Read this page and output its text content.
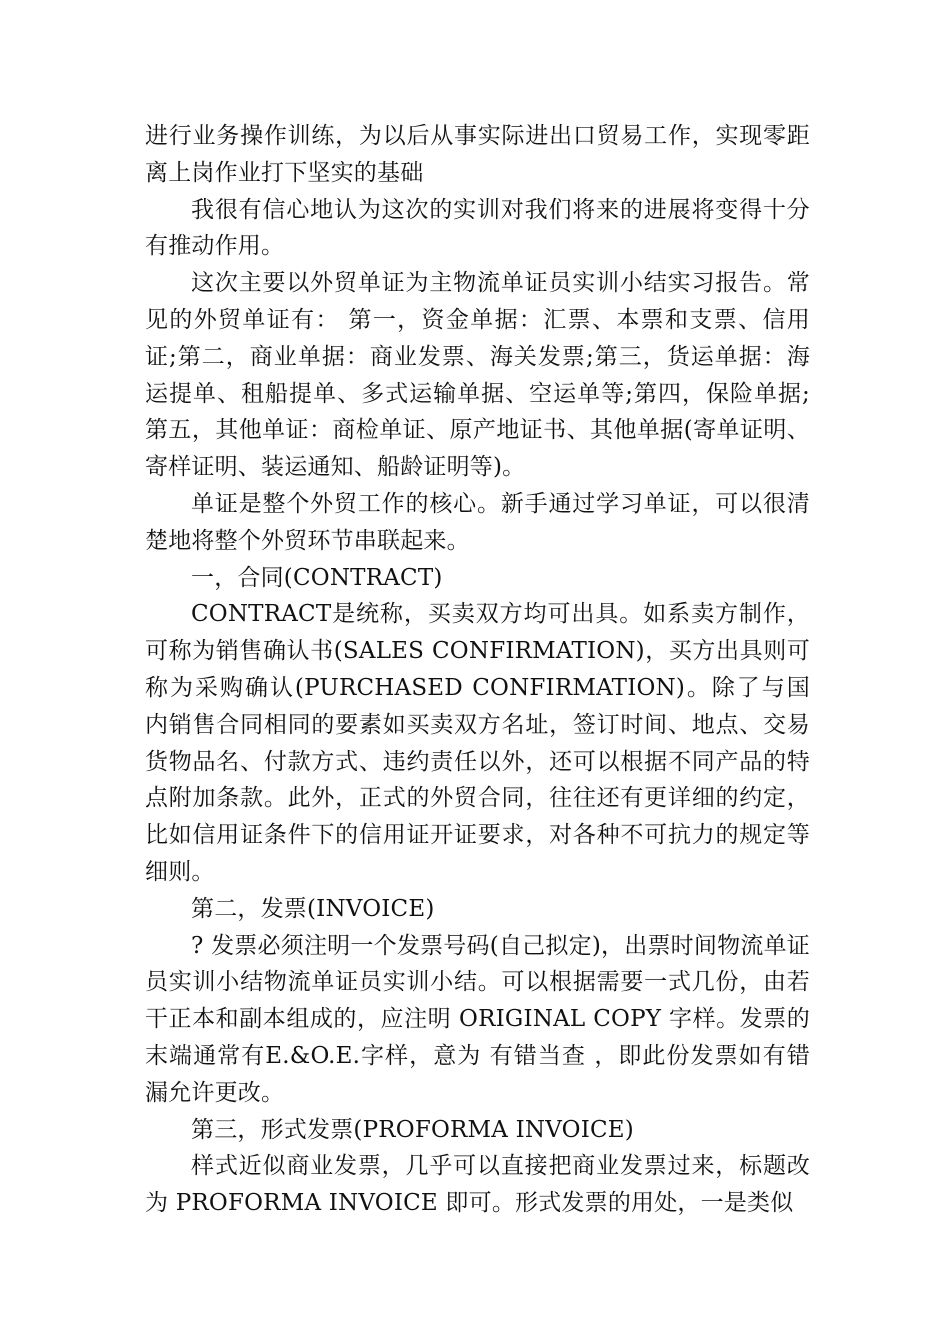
进行业务操作训练，为以后从事实际进出口贸易工作，实现零距离上岗作业打下坚实的基础

我很有信心地认为这次的实训对我们将来的进展将变得十分有推动作用。

这次主要以外贸单证为主物流单证员实训小结实习报告。常见的外贸单证有： 第一，资金单据：汇票、本票和支票、信用证;第二，商业单据：商业发票、海关发票;第三，货运单据：海运提单、租船提单、多式运输单据、空运单等;第四，保险单据;第五，其他单证：商检单证、原产地证书、其他单据(寄单证明、寄样证明、装运通知、船龄证明等)。

单证是整个外贸工作的核心。新手通过学习单证，可以很清楚地将整个外贸环节串联起来。

一，合同(CONTRACT)

CONTRACT是统称，买卖双方均可出具。如系卖方制作，可称为销售确认书(SALES CONFIRMATION)，买方出具则可称为采购确认(PURCHASED CONFIRMATION)。除了与国内销售合同相同的要素如买卖双方名址，签订时间、地点、交易货物品名、付款方式、违约责任以外，还可以根据不同产品的特点附加条款。此外，正式的外贸合同，往往还有更详细的约定，比如信用证条件下的信用证开证要求，对各种不可抗力的规定等细则。

第二，发票(INVOICE)

? 发票必须注明一个发票号码(自己拟定)，出票时间物流单证员实训小结物流单证员实训小结。可以根据需要一式几份，由若干正本和副本组成的，应注明 ORIGINAL COPY 字样。发票的末端通常有E.&O.E.字样，意为 有错当查 ，即此份发票如有错漏允许更改。

第三，形式发票(PROFORMA INVOICE)

样式近似商业发票，几乎可以直接把商业发票过来，标题改为 PROFORMA INVOICE 即可。形式发票的用处，一是类似
